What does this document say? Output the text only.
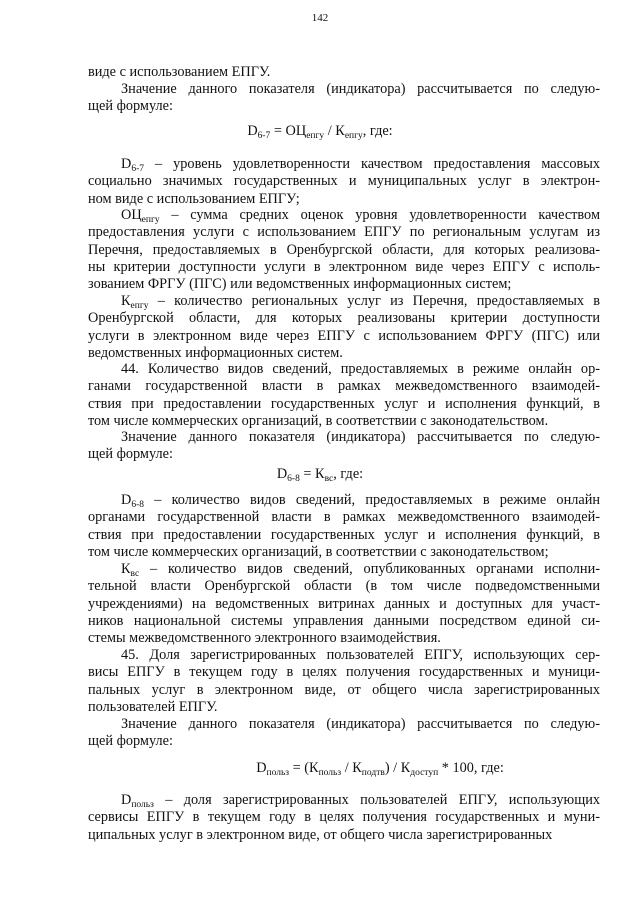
142
виде с использованием ЕПГУ.
Значение данного показателя (индикатора) рассчитывается по следую-
щей формуле:
$D_{6-7}$ – уровень удовлетворенности качеством предоставления массовых
социально значимых государственных и муниципальных услуг в электрон-
ном виде с использованием ЕПГУ;
$ОЦ_{епгу}$ – сумма средних оценок уровня удовлетворенности качеством
предоставления услуги с использованием ЕПГУ по региональным услугам из
Перечня, предоставляемых в Оренбургской области, для которых реализова-
ны критерии доступности услуги в электронном виде через ЕПГУ с исполь-
зованием ФРГУ (ПГС) или ведомственных информационных систем;
$К_{епгу}$ – количество региональных услуг из Перечня, предоставляемых в
Оренбургской области, для которых реализованы критерии доступности
услуги в электронном виде через ЕПГУ с использованием ФРГУ (ПГС) или
ведомственных информационных систем.
44. Количество видов сведений, предоставляемых в режиме онлайн ор-
ганами государственной власти в рамках межведомственного взаимодей-
ствия при предоставлении государственных услуг и исполнения функций, в
том числе коммерческих организаций, в соответствии с законодательством.
Значение данного показателя (индикатора) рассчитывается по следую-
щей формуле:
$D_{6-8}$ – количество видов сведений, предоставляемых в режиме онлайн
органами государственной власти в рамках межведомственного взаимодей-
ствия при предоставлении государственных услуг и исполнения функций, в
том числе коммерческих организаций, в соответствии с законодательством;
$К_{вс}$ – количество видов сведений, опубликованных органами исполни-
тельной власти Оренбургской области (в том числе подведомственными
учреждениями) на ведомственных витринах данных и доступных для участ-
ников национальной системы управления данными посредством единой си-
стемы межведомственного электронного взаимодействия.
45. Доля зарегистрированных пользователей ЕПГУ, использующих сер-
висы ЕПГУ в текущем году в целях получения государственных и муници-
пальных услуг в электронном виде, от общего числа зарегистрированных
пользователей ЕПГУ.
Значение данного показателя (индикатора) рассчитывается по следую-
щей формуле:
$D_{польз}$ – доля зарегистрированных пользователей ЕПГУ, использующих
сервисы ЕПГУ в текущем году в целях получения государственных и муни-
ципальных услуг в электронном виде, от общего числа зарегистрированных
$D_{6-7} = ОЦ_{епгу} / К_{епгу}$, где:
$D_{6-8} = К_{вс}$, где:
$D_{польз} = (К_{польз} / К_{подтв}) / К_{доступ} * 100$, где:
